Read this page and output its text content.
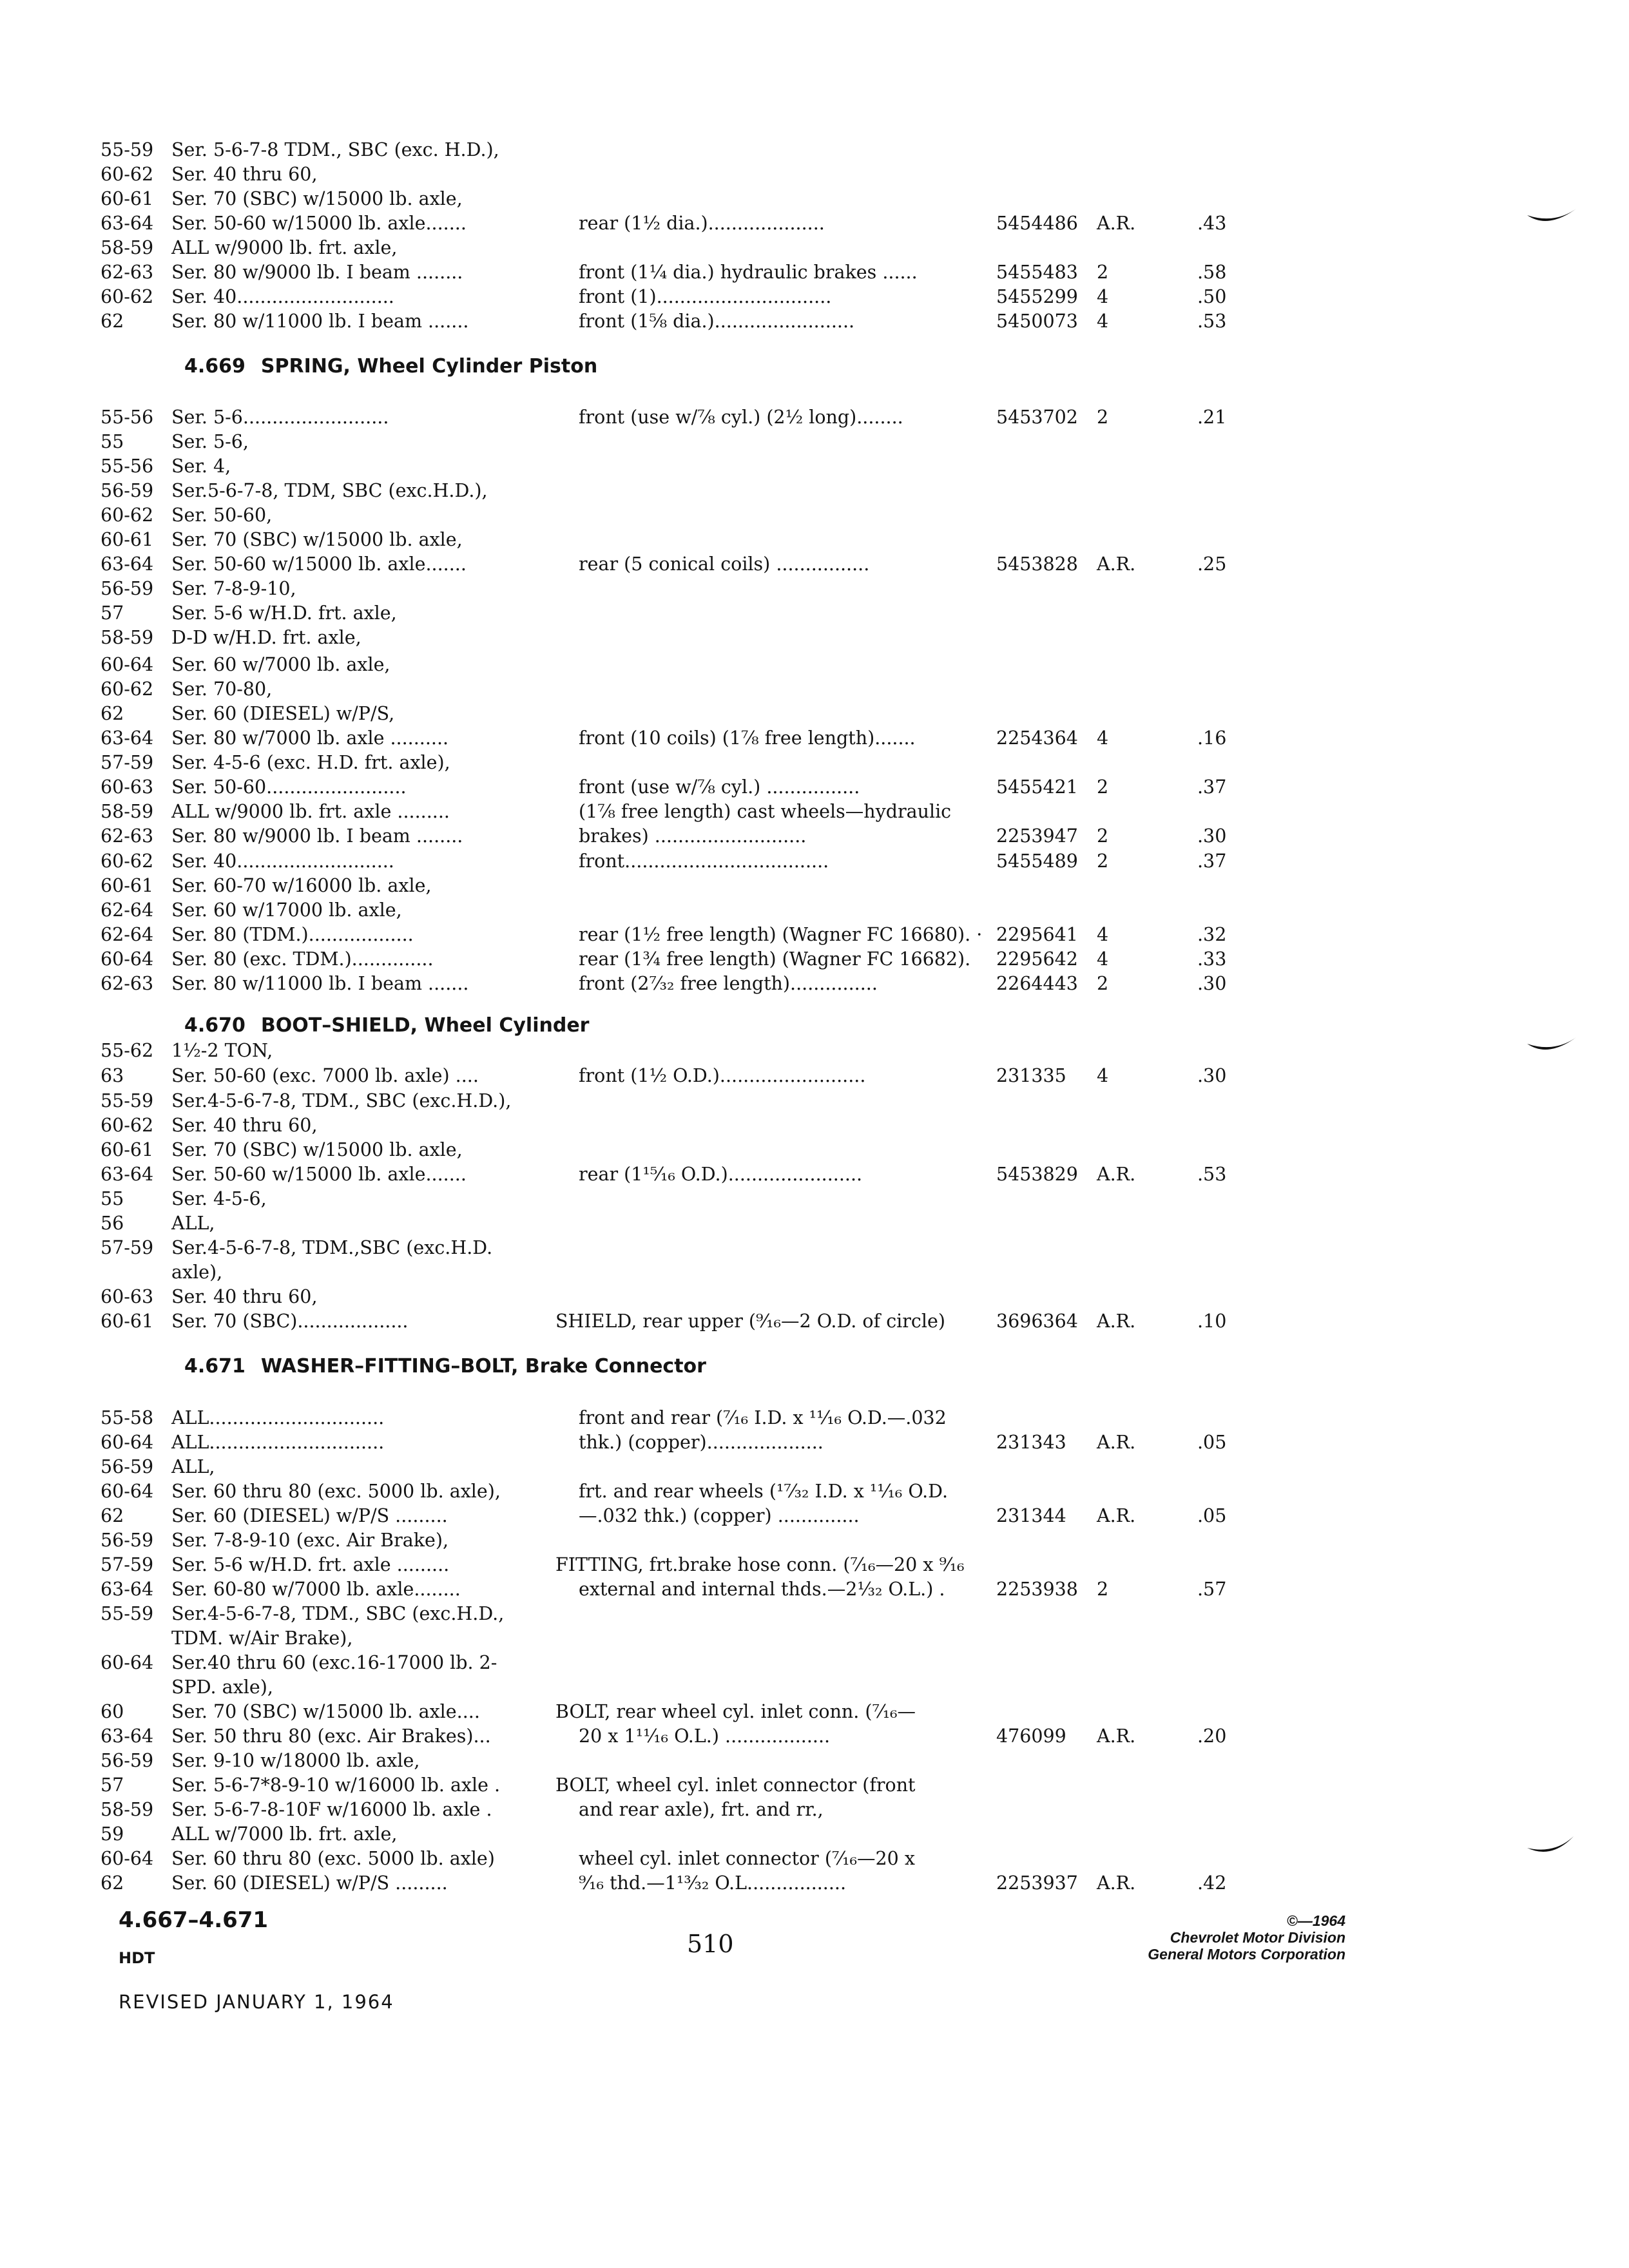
55-59 Ser. 5-6-7-8 TDM., SBC (exc. H.D.),
60-62 Ser. 40 thru 60,
60-61 Ser. 70 (SBC) w/15000 lb. axle,
63-64 Ser. 50-60 w/15000 lb. axle.......	rear (1½ dia.)....................	5454486 A.R.	.43
58-59 ALL w/9000 lb. frt. axle,
62-63 Ser. 80 w/9000 lb. I beam ........	front (1¼ dia.) hydraulic brakes ......	5455483 2	.58
60-62 Ser. 40...........................	front (1)..............................	5455299 4	.50
62	Ser. 80 w/11000 lb. I beam .......	front (1⅝ dia.)........................	5450073 4	.53
55-56 Ser. 5-6.........................	front (use w/⅞ cyl.) (2½ long)........	5453702 2	.21
55	Ser. 5-6,
55-56 Ser. 4,
56-59 Ser.5-6-7-8, TDM, SBC (exc.H.D.),
60-62 Ser. 50-60,
60-61 Ser. 70 (SBC) w/15000 lb. axle,
63-64 Ser. 50-60 w/15000 lb. axle.......	rear (5 conical coils) ................	5453828 A.R.	.25
56-59 Ser. 7-8-9-10,
57	Ser. 5-6 w/H.D. frt. axle,
58-59 D-D w/H.D. frt. axle,
60-64 Ser. 60 w/7000 lb. axle,
60-62 Ser. 70-80,
62	Ser. 60 (DIESEL) w/P/S,
63-64 Ser. 80 w/7000 lb. axle ..........	front (10 coils) (1⅞ free length).......	2254364 4	.16
57-59 Ser. 4-5-6 (exc. H.D. frt. axle),
60-63 Ser. 50-60........................	front (use w/⅞ cyl.) ................	5455421 2	.37
58-59 ALL w/9000 lb. frt. axle .........	(1⅞ free length) cast wheels—hydraulic
62-63 Ser. 80 w/9000 lb. I beam ........	brakes) ..........................	2253947 2	.30
60-62 Ser. 40...........................	front...................................	5455489 2	.37
60-61 Ser. 60-70 w/16000 lb. axle,
62-64 Ser. 60 w/17000 lb. axle,
62-64 Ser. 80 (TDM.)..................	rear (1½ free length) (Wagner FC 16680). · 2295641 4	.32
60-64 Ser. 80 (exc. TDM.)..............	rear (1¾ free length) (Wagner FC 16682). 2295642 4	.33
62-63 Ser. 80 w/11000 lb. I beam .......	front (2⁷⁄₃₂ free length)...............	2264443 2	.30
55-62 1½-2 TON,
63	Ser. 50-60 (exc. 7000 lb. axle) ....	front (1½ O.D.).........................	231335 4	.30
55-59 Ser.4-5-6-7-8, TDM., SBC (exc.H.D.),
60-62 Ser. 40 thru 60,
60-61 Ser. 70 (SBC) w/15000 lb. axle,
63-64 Ser. 50-60 w/15000 lb. axle.......	rear (1¹⁵⁄₁₆ O.D.).......................	5453829 A.R.	.53
55	Ser. 4-5-6,
56	ALL,
57-59 Ser.4-5-6-7-8, TDM.,SBC (exc.H.D.
axle),
60-63 Ser. 40 thru 60,
60-61 Ser. 70 (SBC)...................	SHIELD, rear upper (⁹⁄₁₆—2 O.D. of circle)	3696364 A.R.	.10
55-58 ALL..............................	front and rear (⁷⁄₁₆ I.D. x ¹¹⁄₁₆ O.D.—.032
60-64 ALL..............................	thk.) (copper)....................	231343 A.R.	.05
56-59 ALL,
60-64 Ser. 60 thru 80 (exc. 5000 lb. axle),	frt. and rear wheels (¹⁷⁄₃₂ I.D. x ¹¹⁄₁₆ O.D.
62	Ser. 60 (DIESEL) w/P/S .........	—.032 thk.) (copper) ..............	231344 A.R.	.05
56-59 Ser. 7-8-9-10 (exc. Air Brake),
57-59 Ser. 5-6 w/H.D. frt. axle .........	FITTING, frt.brake hose conn. (⁷⁄₁₆—20 x ⁹⁄₁₆
63-64 Ser. 60-80 w/7000 lb. axle........	external and internal thds.—2⅓₂ O.L.) .	2253938 2	.57
55-59 Ser.4-5-6-7-8, TDM., SBC (exc.H.D.,
TDM. w/Air Brake),
60-64 Ser.40 thru 60 (exc.16-17000 lb. 2-
SPD. axle),
60	Ser. 70 (SBC) w/15000 lb. axle....	BOLT, rear wheel cyl. inlet conn. (⁷⁄₁₆—
63-64 Ser. 50 thru 80 (exc. Air Brakes)...	20 x 1¹¹⁄₁₆ O.L.) ..................	476099 A.R.	.20
56-59 Ser. 9-10 w/18000 lb. axle,
57	Ser. 5-6-7*8-9-10 w/16000 lb. axle .	BOLT, wheel cyl. inlet connector (front
58-59 Ser. 5-6-7-8-10F w/16000 lb. axle .	and rear axle), frt. and rr.,
59	ALL w/7000 lb. frt. axle,
60-64 Ser. 60 thru 80 (exc. 5000 lb. axle)	wheel cyl. inlet connector (⁷⁄₁₆—20 x
62	Ser. 60 (DIESEL) w/P/S .........	⁹⁄₁₆ thd.—1¹³⁄₃₂ O.L.................	2253937 A.R.	.42
4.669 SPRING, Wheel Cylinder Piston
4.670 BOOT–SHIELD, Wheel Cylinder
4.671 WASHER–FITTING–BOLT, Brake Connector
4.667–4.671
HDT	510
REVISED JANUARY 1, 1964
©—1964
Chevrolet Motor Division
General Motors Corporation
